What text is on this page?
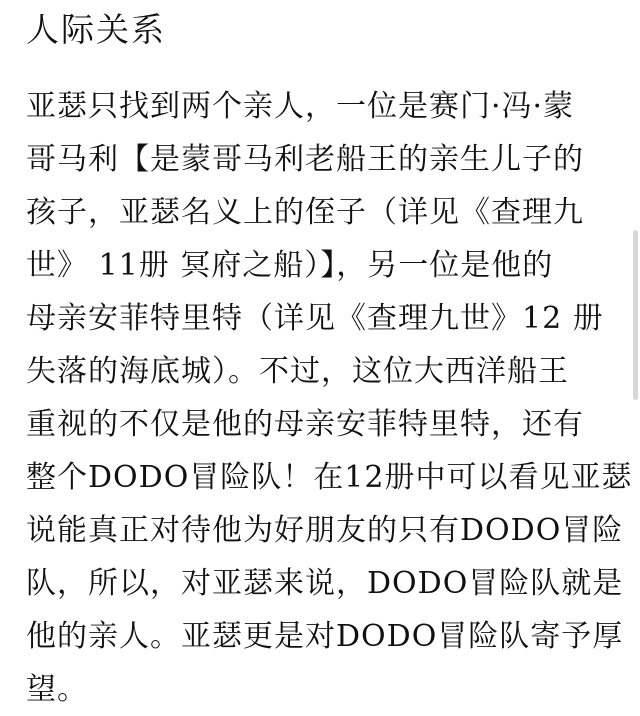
人际关系
亚瑟只找到两个亲人，一位是赛门·冯·蒙
哥马利【是蒙哥马利老船王的亲生儿子的
孩子，亚瑟名义上的侄子（详见《查理九
世》 11册 冥府之船）】，另一位是他的
母亲安菲特里特（详见《查理九世》12 册
失落的海底城）。不过，这位大西洋船王
重视的不仅是他的母亲安菲特里特，还有
整个DODO冒险队！在12册中可以看见亚瑟
说能真正对待他为好朋友的只有DODO冒险
队，所以，对亚瑟来说，DODO冒险队就是
他的亲人。亚瑟更是对DODO冒险队寄予厚
望。
